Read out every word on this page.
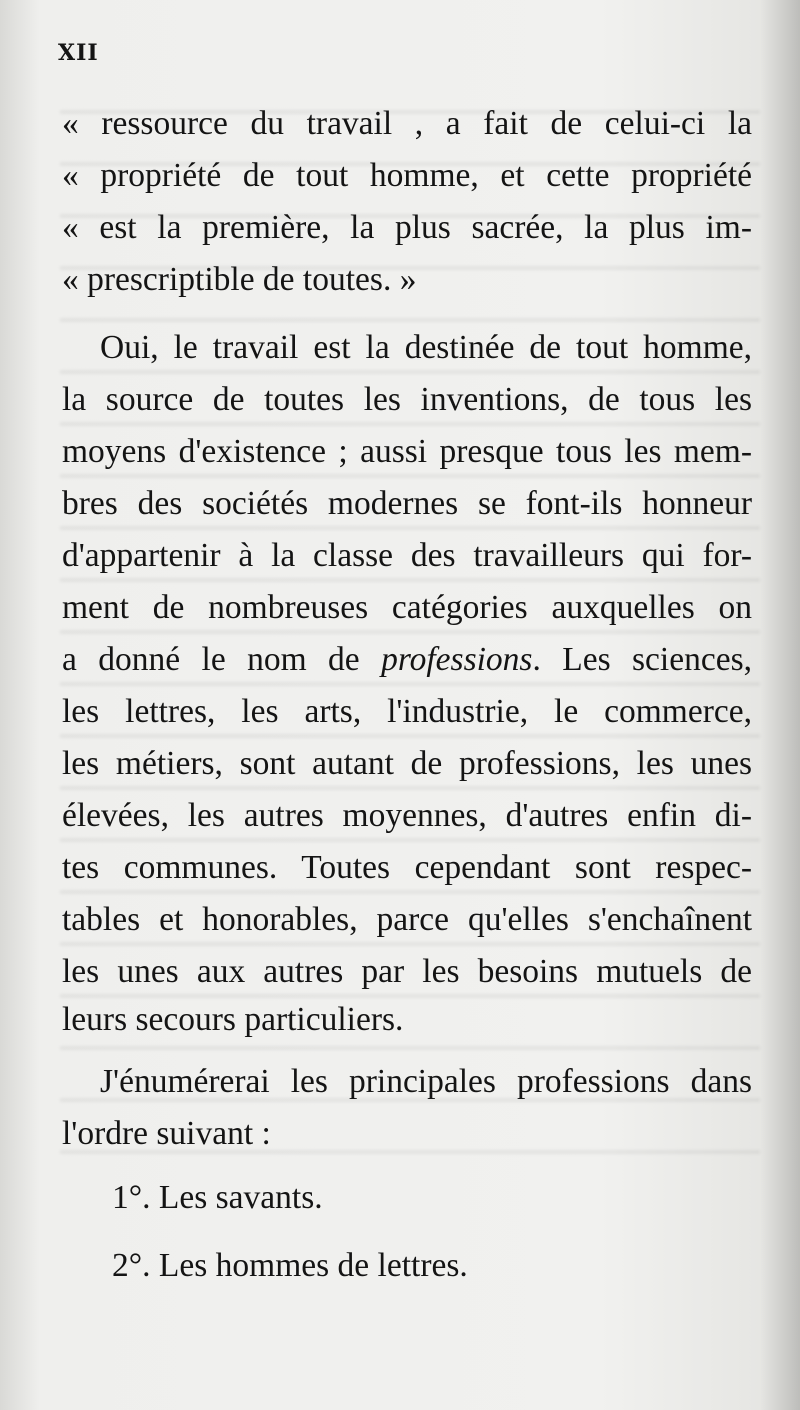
XII
« ressource du travail , a fait de celui-ci la
« propriété de tout homme, et cette propriété
« est la première, la plus sacrée, la plus im-
« prescriptible de toutes. »
Oui, le travail est la destinée de tout homme,
la source de toutes les inventions, de tous les
moyens d'existence ; aussi presque tous les mem-
bres des sociétés modernes se font-ils honneur
d'appartenir à la classe des travailleurs qui for-
ment de nombreuses catégories auxquelles on
a donné le nom de professions. Les sciences,
les lettres, les arts, l'industrie, le commerce,
les métiers, sont autant de professions, les unes
élevées, les autres moyennes, d'autres enfin di-
tes communes. Toutes cependant sont respec-
tables et honorables, parce qu'elles s'enchaînent
les unes aux autres par les besoins mutuels de
leurs secours particuliers.
J'énumérerai les principales professions dans
l'ordre suivant :
1°. Les savants.
2°. Les hommes de lettres.
